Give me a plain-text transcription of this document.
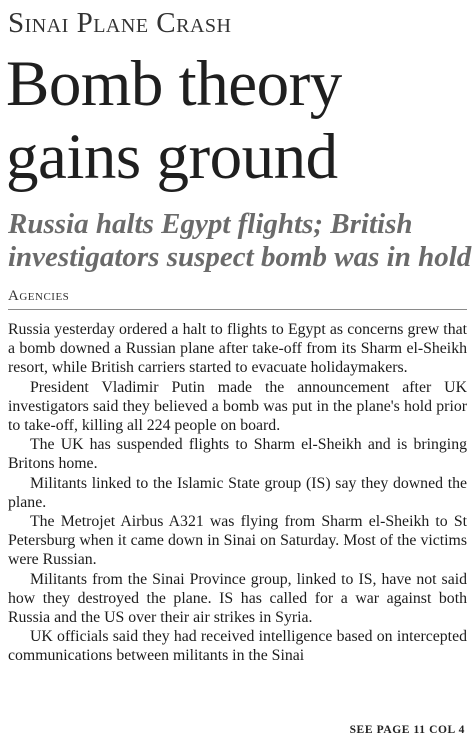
Sinai Plane Crash
Bomb theory
gains ground
Russia halts Egypt flights; British
investigators suspect bomb was in hold
Agencies

Russia yesterday ordered a halt to flights to Egypt as concerns grew that a bomb downed a Russian plane after take-off from its Sharm el-Sheikh resort, while British carriers started to evacuate holidaymakers.

President Vladimir Putin made the announcement after UK investigators said they believed a bomb was put in the plane's hold prior to take-off, killing all 224 people on board.

The UK has suspended flights to Sharm el-Sheikh and is bringing Britons home.

Militants linked to the Islamic State group (IS) say they downed the plane.

The Metrojet Airbus A321 was flying from Sharm el-Sheikh to St Petersburg when it came down in Sinai on Saturday. Most of the victims were Russian.

Militants from the Sinai Province group, linked to IS, have not said how they destroyed the plane. IS has called for a war against both Russia and the US over their air strikes in Syria.

UK officials said they had received intelligence based on intercepted communications between militants in the Sinai

SEE PAGE 11 COL 4
